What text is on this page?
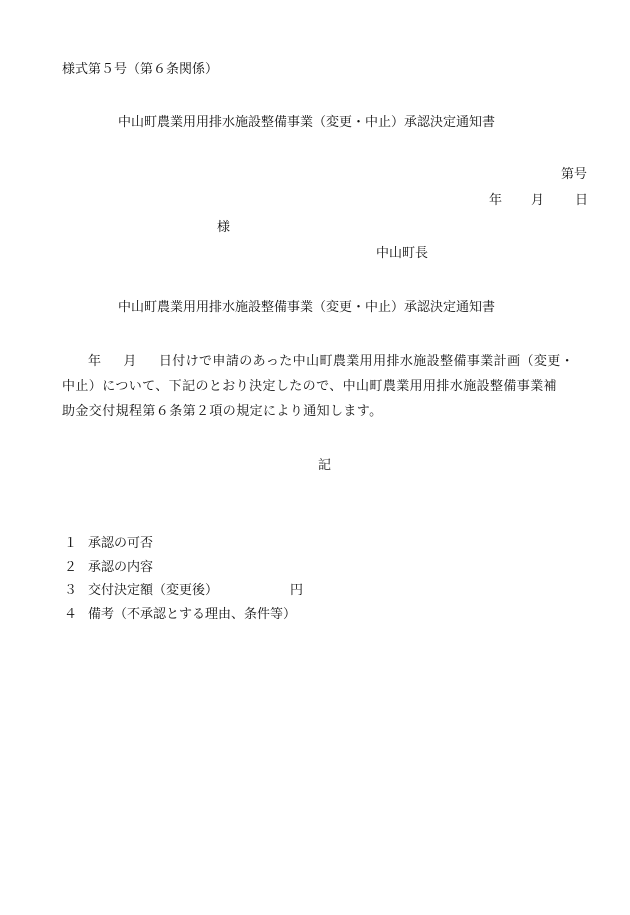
様式第５号（第６条関係）
中山町農業用用排水施設整備事業（変更・中止）承認決定通知書
第号
年 月 日
様
中山町長
中山町農業用用排水施設整備事業（変更・中止）承認決定通知書
年 月 日付けで申請のあった中山町農業用用排水施設整備事業計画（変更・
中止）について、下記のとおり決定したので、中山町農業用用排水施設整備事業補
助金交付規程第６条第２項の規定により通知します。
記
１ 承認の可否
２ 承認の内容
３ 交付決定額（変更後）	円
４ 備考（不承認とする理由、条件等）
